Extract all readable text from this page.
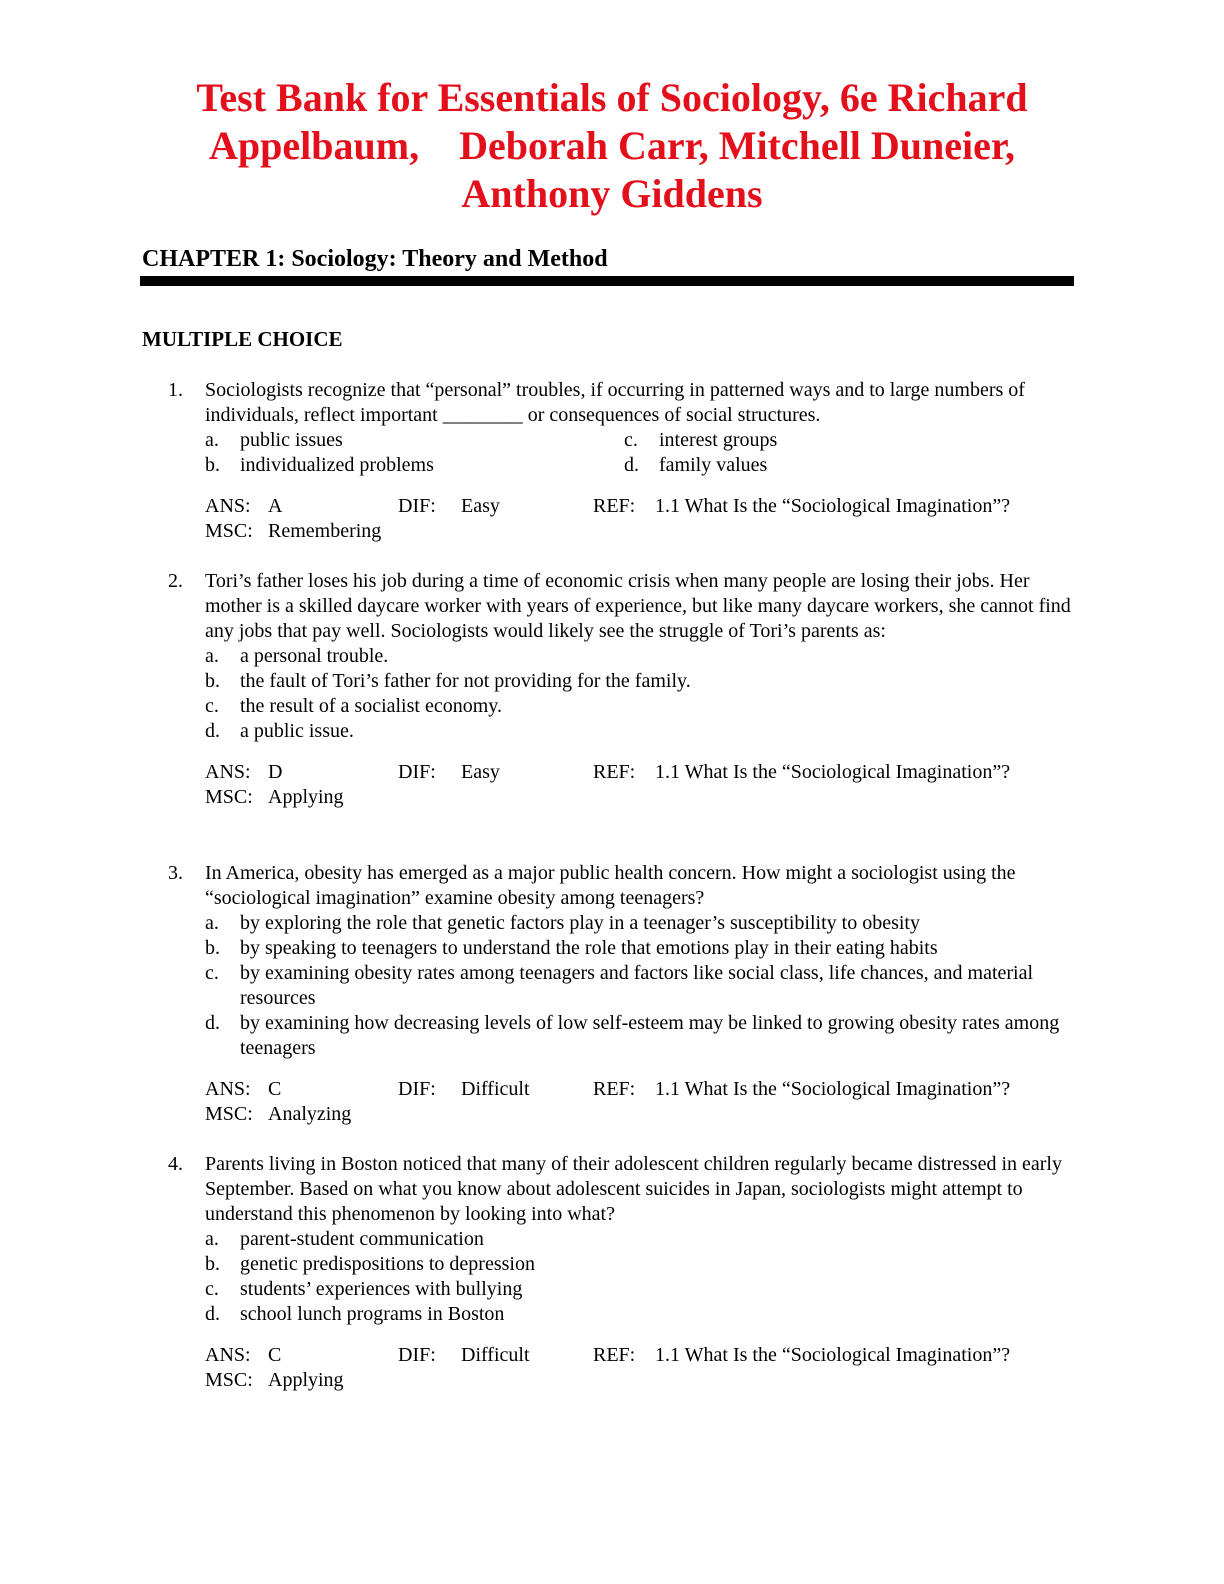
Test Bank for Essentials of Sociology, 6e Richard
Appelbaum,    Deborah Carr, Mitchell Duneier,
Anthony Giddens
CHAPTER 1: Sociology: Theory and Method
MULTIPLE CHOICE
1. Sociologists recognize that “personal” troubles, if occurring in patterned ways and to large numbers of individuals, reflect important ________ or consequences of social structures.
a. public issues	c. interest groups
b. individualized problems	d. family values
ANS: A	DIF: Easy	REF: 1.1 What Is the “Sociological Imagination”?
MSC: Remembering
2. Tori’s father loses his job during a time of economic crisis when many people are losing their jobs. Her mother is a skilled daycare worker with years of experience, but like many daycare workers, she cannot find any jobs that pay well. Sociologists would likely see the struggle of Tori’s parents as:
a. a personal trouble.
b. the fault of Tori’s father for not providing for the family.
c. the result of a socialist economy.
d. a public issue.
ANS: D	DIF: Easy	REF: 1.1 What Is the “Sociological Imagination”?
MSC: Applying
3. In America, obesity has emerged as a major public health concern. How might a sociologist using the “sociological imagination” examine obesity among teenagers?
a. by exploring the role that genetic factors play in a teenager’s susceptibility to obesity
b. by speaking to teenagers to understand the role that emotions play in their eating habits
c. by examining obesity rates among teenagers and factors like social class, life chances, and material resources
d. by examining how decreasing levels of low self-esteem may be linked to growing obesity rates among teenagers
ANS: C	DIF: Difficult	REF: 1.1 What Is the “Sociological Imagination”?
MSC: Analyzing
4. Parents living in Boston noticed that many of their adolescent children regularly became distressed in early September. Based on what you know about adolescent suicides in Japan, sociologists might attempt to understand this phenomenon by looking into what?
a. parent-student communication
b. genetic predispositions to depression
c. students’ experiences with bullying
d. school lunch programs in Boston
ANS: C	DIF: Difficult	REF: 1.1 What Is the “Sociological Imagination”?
MSC: Applying
